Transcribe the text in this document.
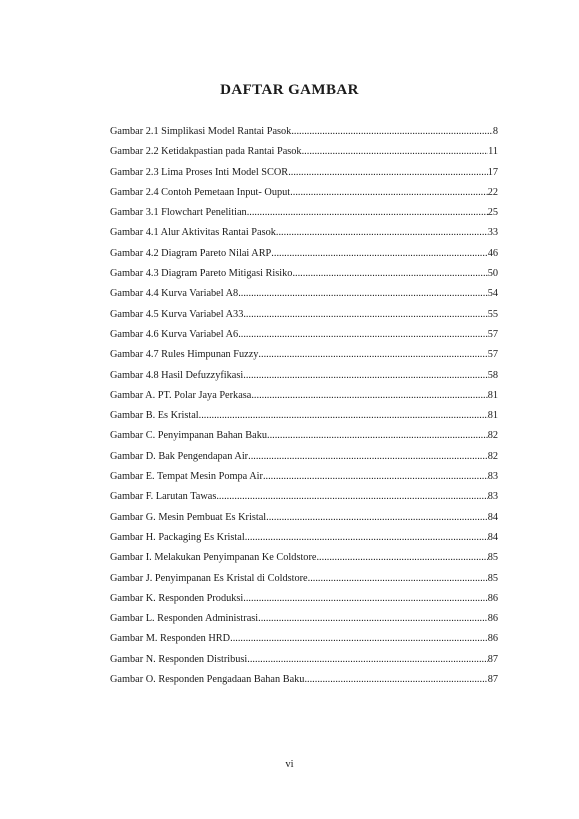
DAFTAR GAMBAR
Gambar 2.1 Simplikasi Model Rantai Pasok .....	8
Gambar 2.2 Ketidakpastian pada Rantai Pasok .....	11
Gambar 2.3 Lima Proses Inti Model SCOR .....	17
Gambar 2.4 Contoh Pemetaan Input- Ouput .....	22
Gambar 3.1 Flowchart Penelitian .....	25
Gambar 4.1 Alur Aktivitas Rantai Pasok .....	33
Gambar 4.2 Diagram Pareto Nilai ARP .....	46
Gambar 4.3 Diagram Pareto Mitigasi Risiko .....	50
Gambar 4.4 Kurva Variabel A8 .....	54
Gambar 4.5 Kurva Variabel A33 .....	55
Gambar 4.6 Kurva Variabel A6 .....	57
Gambar 4.7 Rules Himpunan Fuzzy .....	57
Gambar 4.8 Hasil Defuzzyfikasi .....	58
Gambar A. PT. Polar Jaya Perkasa .....	81
Gambar B. Es Kristal .....	81
Gambar C. Penyimpanan Bahan Baku .....	82
Gambar D. Bak Pengendapan Air .....	82
Gambar E. Tempat Mesin Pompa Air .....	83
Gambar F. Larutan Tawas .....	83
Gambar G. Mesin Pembuat Es Kristal .....	84
Gambar H. Packaging Es Kristal .....	84
Gambar I. Melakukan Penyimpanan Ke Coldstore .....	85
Gambar J. Penyimpanan Es Kristal di Coldstore .....	85
Gambar K. Responden Produksi .....	86
Gambar L. Responden Administrasi .....	86
Gambar M. Responden HRD .....	86
Gambar N. Responden Distribusi .....	87
Gambar O. Responden Pengadaan Bahan Baku .....	87
vi
